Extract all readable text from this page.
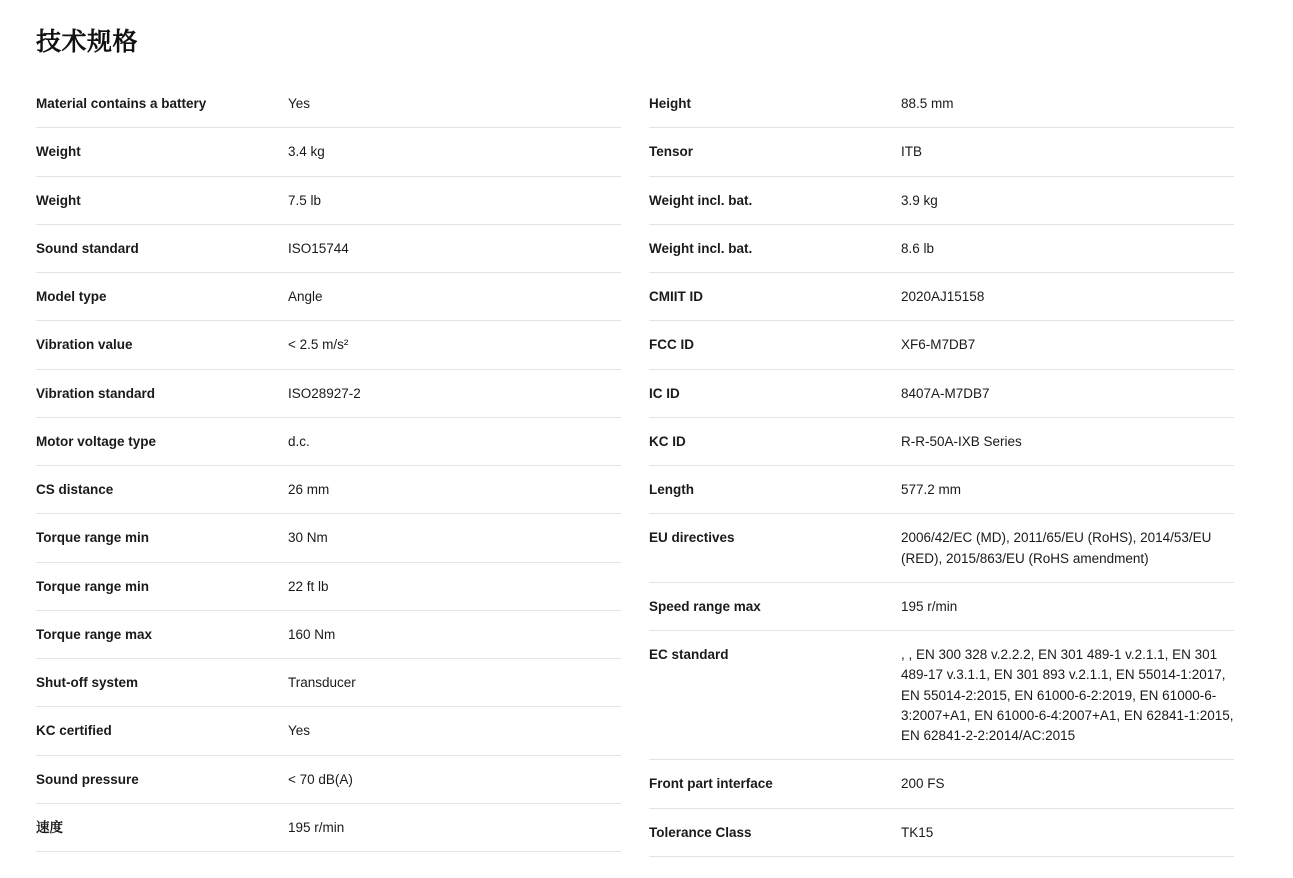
技术规格
Material contains a battery	Yes
Weight	3.4 kg
Weight	7.5 lb
Sound standard	ISO15744
Model type	Angle
Vibration value	< 2.5 m/s²
Vibration standard	ISO28927-2
Motor voltage type	d.c.
CS distance	26 mm
Torque range min	30 Nm
Torque range min	22 ft lb
Torque range max	160 Nm
Shut-off system	Transducer
KC certified	Yes
Sound pressure	< 70 dB(A)
速度	195 r/min
Height	88.5 mm
Tensor	ITB
Weight incl. bat.	3.9 kg
Weight incl. bat.	8.6 lb
CMIIT ID	2020AJ15158
FCC ID	XF6-M7DB7
IC ID	8407A-M7DB7
KC ID	R-R-50A-IXB Series
Length	577.2 mm
EU directives	2006/42/EC (MD), 2011/65/EU (RoHS), 2014/53/EU (RED), 2015/863/EU (RoHS amendment)
Speed range max	195 r/min
EC standard	, , EN 300 328 v.2.2.2, EN 301 489-1 v.2.1.1, EN 301 489-17 v.3.1.1, EN 301 893 v.2.1.1, EN 55014-1:2017, EN 55014-2:2015, EN 61000-6-2:2019, EN 61000-6-3:2007+A1, EN 61000-6-4:2007+A1, EN 62841-1:2015, EN 62841-2-2:2014/AC:2015
Front part interface	200 FS
Tolerance Class	TK15
